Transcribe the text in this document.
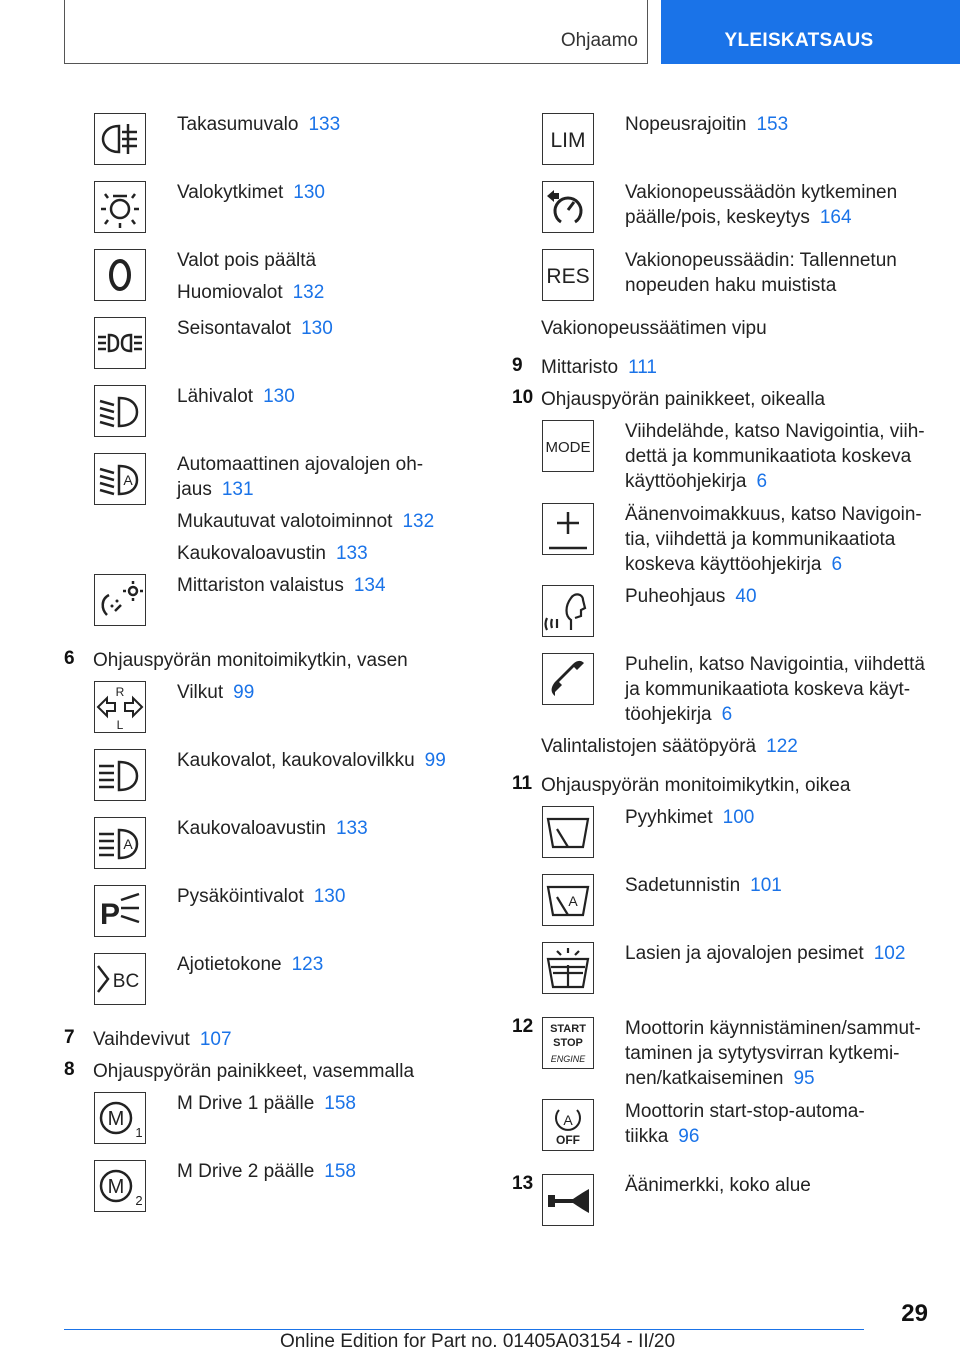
Ohjaamo	YLEISKATSAUS
Takasumuvalo 133
Valokytkimet 130
Valot pois päältä
Huomiovalot 132
Seisontavalot 130
Lähivalot 130
A
Automaattinen ajovalojen oh-
jaus 131
Mukautuvat valotoiminnot 132
Kaukovaloavustin 133
Mittariston valaistus 134
6 Ohjauspyörän monitoimikytkin, vasen
R
L
Vilkut 99
Kaukovalot, kaukovalovilkku 99
A
Kaukovaloavustin 133
P
Pysäköintivalot 130
BC
Ajotietokone 123
7 Vaihdevivut 107
8 Ohjauspyörän painikkeet, vasemmalla
M
1
M Drive 1 päälle 158
M
2
M Drive 2 päälle 158
LIM
Nopeusrajoitin 153
Vakionopeussäädön kytkeminen
päälle/pois, keskeytys 164
RES
Vakionopeussäädin: Tallennetun
nopeuden haku muistista
Vakionopeussäätimen vipu
9 Mittaristo 111
10 Ohjauspyörän painikkeet, oikealla
MODE
Viihdelähde, katso Navigointia, viih-
dettä ja kommunikaatiota koskeva
käyttöohjekirja 6
Äänenvoimakkuus, katso Navigoin-
tia, viihdettä ja kommunikaatiota
koskeva käyttöohjekirja 6
Puheohjaus 40
Puhelin, katso Navigointia, viihdettä
ja kommunikaatiota koskeva käyt-
töohjekirja 6
Valintalistojen säätöpyörä 122
11 Ohjauspyörän monitoimikytkin, oikea
Pyyhkimet 100
A
Sadetunnistin 101
Lasien ja ajovalojen pesimet 102
12 START
STOP
ENGINE
Moottorin käynnistäminen/sammut-
taminen ja sytytysvirran kytkemi-
nen/katkaiseminen 95
A
OFF
Moottorin start-stop-automa-
tiikka 96
13	Äänimerkki, koko alue
29
Online Edition for Part no. 01405A03154 - II/20
